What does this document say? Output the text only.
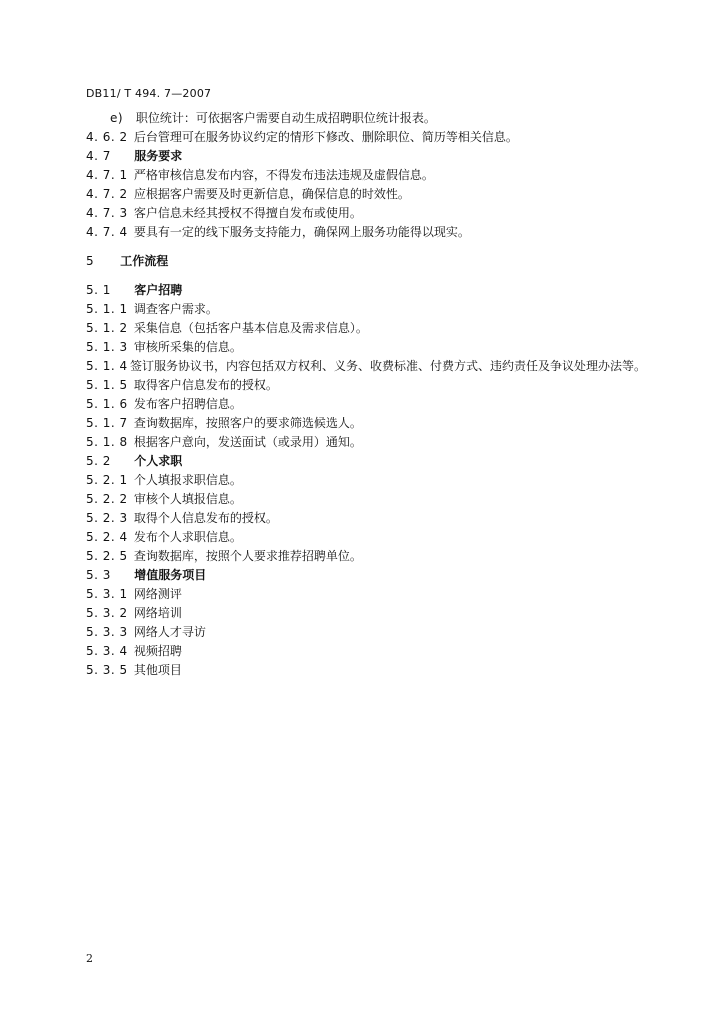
DB11/ T 494. 7—2007
e) 职位统计：可依据客户需要自动生成招聘职位统计报表。
4. 6. 2 后台管理可在服务协议约定的情形下修改、删除职位、简历等相关信息。
4. 7 服务要求
4. 7. 1 严格审核信息发布内容，不得发布违法违规及虚假信息。
4. 7. 2 应根据客户需要及时更新信息，确保信息的时效性。
4. 7. 3 客户信息未经其授权不得擅自发布或使用。
4. 7. 4 要具有一定的线下服务支持能力，确保网上服务功能得以现实。
5 工作流程
5. 1 客户招聘
5. 1. 1 调查客户需求。
5. 1. 2 采集信息（包括客户基本信息及需求信息）。
5. 1. 3 审核所采集的信息。
5. 1. 4 签订服务协议书，内容包括双方权利、义务、收费标准、付费方式、违约责任及争议处理办法等。
5. 1. 5 取得客户信息发布的授权。
5. 1. 6 发布客户招聘信息。
5. 1. 7 查询数据库，按照客户的要求筛选候选人。
5. 1. 8 根据客户意向，发送面试（或录用）通知。
5. 2 个人求职
5. 2. 1 个人填报求职信息。
5. 2. 2 审核个人填报信息。
5. 2. 3 取得个人信息发布的授权。
5. 2. 4 发布个人求职信息。
5. 2. 5 查询数据库，按照个人要求推荐招聘单位。
5. 3 增值服务项目
5. 3. 1 网络测评
5. 3. 2 网络培训
5. 3. 3 网络人才寻访
5. 3. 4 视频招聘
5. 3. 5 其他项目
2
